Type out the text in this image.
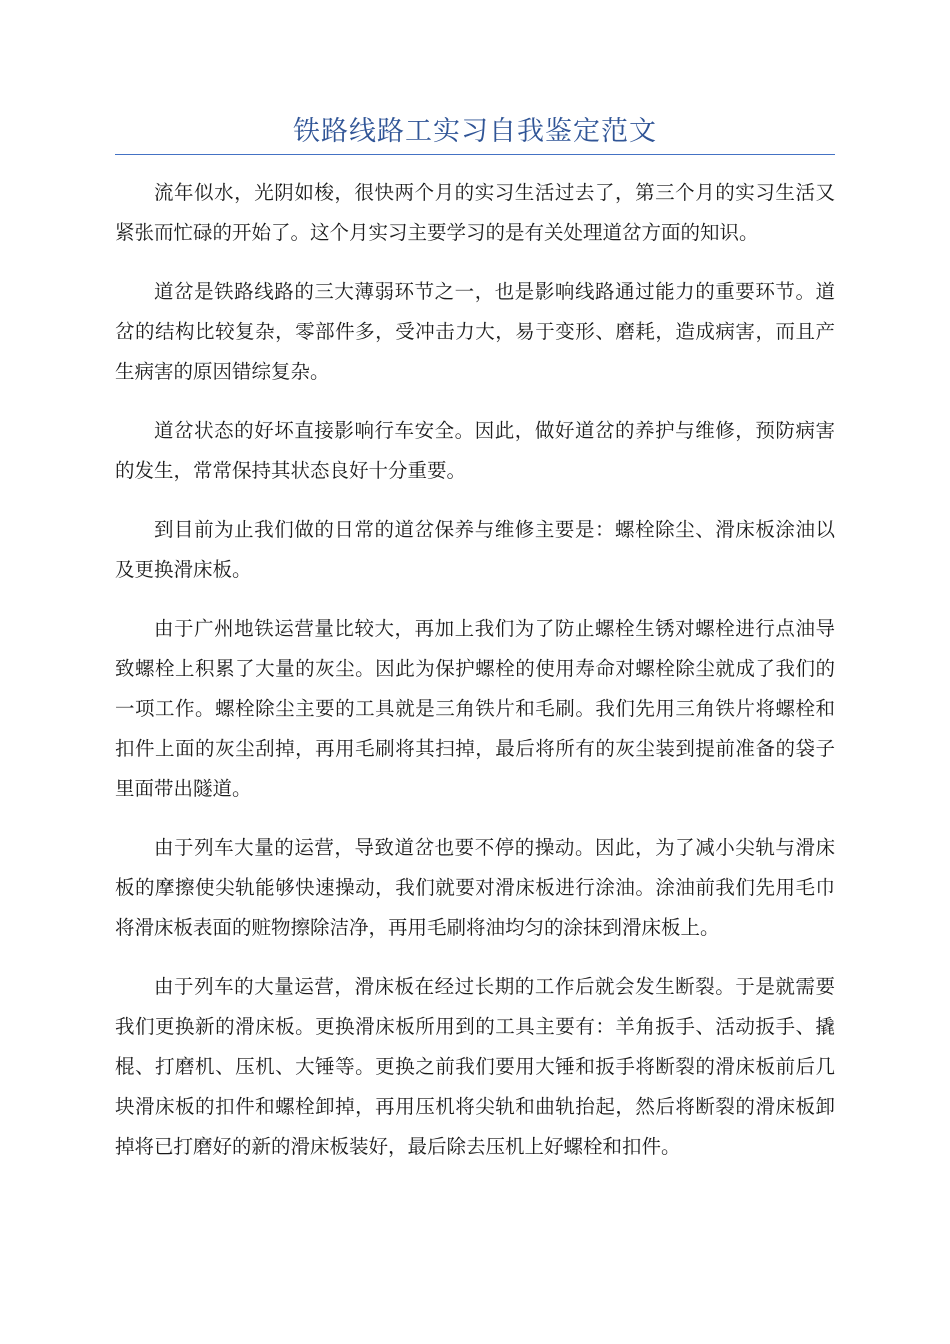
铁路线路工实习自我鉴定范文

流年似水，光阴如梭，很快两个月的实习生活过去了，第三个月的实习生活又紧张而忙碌的开始了。这个月实习主要学习的是有关处理道岔方面的知识。

道岔是铁路线路的三大薄弱环节之一，也是影响线路通过能力的重要环节。道岔的结构比较复杂，零部件多，受冲击力大，易于变形、磨耗，造成病害，而且产生病害的原因错综复杂。

道岔状态的好坏直接影响行车安全。因此，做好道岔的养护与维修，预防病害的发生，常常保持其状态良好十分重要。

到目前为止我们做的日常的道岔保养与维修主要是：螺栓除尘、滑床板涂油以及更换滑床板。

由于广州地铁运营量比较大，再加上我们为了防止螺栓生锈对螺栓进行点油导致螺栓上积累了大量的灰尘。因此为保护螺栓的使用寿命对螺栓除尘就成了我们的一项工作。螺栓除尘主要的工具就是三角铁片和毛刷。我们先用三角铁片将螺栓和扣件上面的灰尘刮掉，再用毛刷将其扫掉，最后将所有的灰尘装到提前准备的袋子里面带出隧道。

由于列车大量的运营，导致道岔也要不停的操动。因此，为了减小尖轨与滑床板的摩擦使尖轨能够快速操动，我们就要对滑床板进行涂油。涂油前我们先用毛巾将滑床板表面的赃物擦除洁净，再用毛刷将油均匀的涂抹到滑床板上。

由于列车的大量运营，滑床板在经过长期的工作后就会发生断裂。于是就需要我们更换新的滑床板。更换滑床板所用到的工具主要有：羊角扳手、活动扳手、撬棍、打磨机、压机、大锤等。更换之前我们要用大锤和扳手将断裂的滑床板前后几块滑床板的扣件和螺栓卸掉，再用压机将尖轨和曲轨抬起，然后将断裂的滑床板卸掉将已打磨好的新的滑床板装好，最后除去压机上好螺栓和扣件。
